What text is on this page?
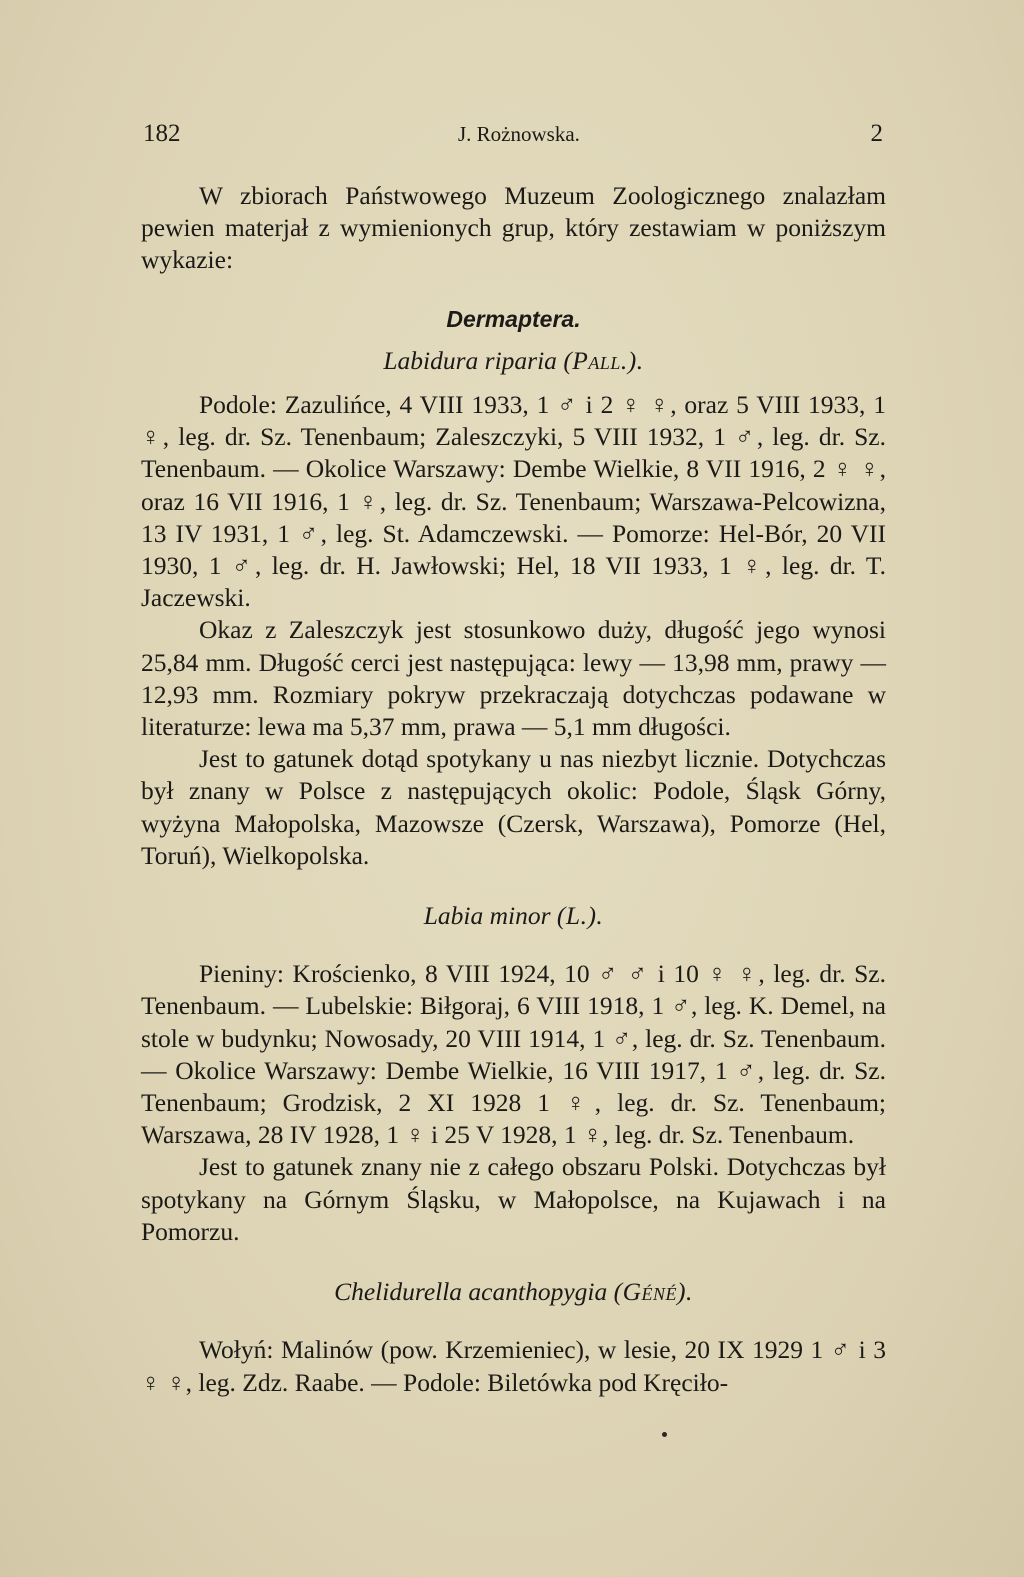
182	J. Rożnowska.	2

W zbiorach Państwowego Muzeum Zoologicznego znalazłam pewien materjał z wymienionych grup, który zestawiam w poniższym wykazie:

Dermaptera.
Labidura riparia (Pall.).

Podole: Zazulińce, 4 VIII 1933, 1 ♂ i 2 ♀ ♀, oraz 5 VIII 1933, 1 ♀, leg. dr. Sz. Tenenbaum; Zaleszczyki, 5 VIII 1932, 1 ♂, leg. dr. Sz. Tenenbaum. — Okolice Warszawy: Dembe Wielkie, 8 VII 1916, 2 ♀ ♀, oraz 16 VII 1916, 1 ♀, leg. dr. Sz. Tenenbaum; Warszawa-Pelcowizna, 13 IV 1931, 1 ♂, leg. St. Adamczewski. — Pomorze: Hel-Bór, 20 VII 1930, 1 ♂, leg. dr. H. Jawłowski; Hel, 18 VII 1933, 1 ♀, leg. dr. T. Jaczewski.

Okaz z Zaleszczyk jest stosunkowo duży, długość jego wynosi 25,84 mm. Długość cerci jest następująca: lewy — 13,98 mm, prawy — 12,93 mm. Rozmiary pokryw przekraczają dotychczas podawane w literaturze: lewa ma 5,37 mm, prawa — 5,1 mm długości.

Jest to gatunek dotąd spotykany u nas niezbyt licznie. Dotychczas był znany w Polsce z następujących okolic: Podole, Śląsk Górny, wyżyna Małopolska, Mazowsze (Czersk, Warszawa), Pomorze (Hel, Toruń), Wielkopolska.

Labia minor (L.).

Pieniny: Krościenko, 8 VIII 1924, 10 ♂ ♂ i 10 ♀ ♀, leg. dr. Sz. Tenenbaum. — Lubelskie: Biłgoraj, 6 VIII 1918, 1 ♂, leg. K. Demel, na stole w budynku; Nowosady, 20 VIII 1914, 1 ♂, leg. dr. Sz. Tenenbaum. — Okolice Warszawy: Dembe Wielkie, 16 VIII 1917, 1 ♂, leg. dr. Sz. Tenenbaum; Grodzisk, 2 XI 1928 1 ♀, leg. dr. Sz. Tenenbaum; Warszawa, 28 IV 1928, 1 ♀ i 25 V 1928, 1 ♀, leg. dr. Sz. Tenenbaum.

Jest to gatunek znany nie z całego obszaru Polski. Dotychczas był spotykany na Górnym Śląsku, w Małopolsce, na Kujawach i na Pomorzu.

Chelidurella acanthopygia (Géné).

Wołyń: Malinów (pow. Krzemieniec), w lesie, 20 IX 1929 1 ♂ i 3 ♀ ♀, leg. Zdz. Raabe. — Podole: Biletówka pod Kręciło-
